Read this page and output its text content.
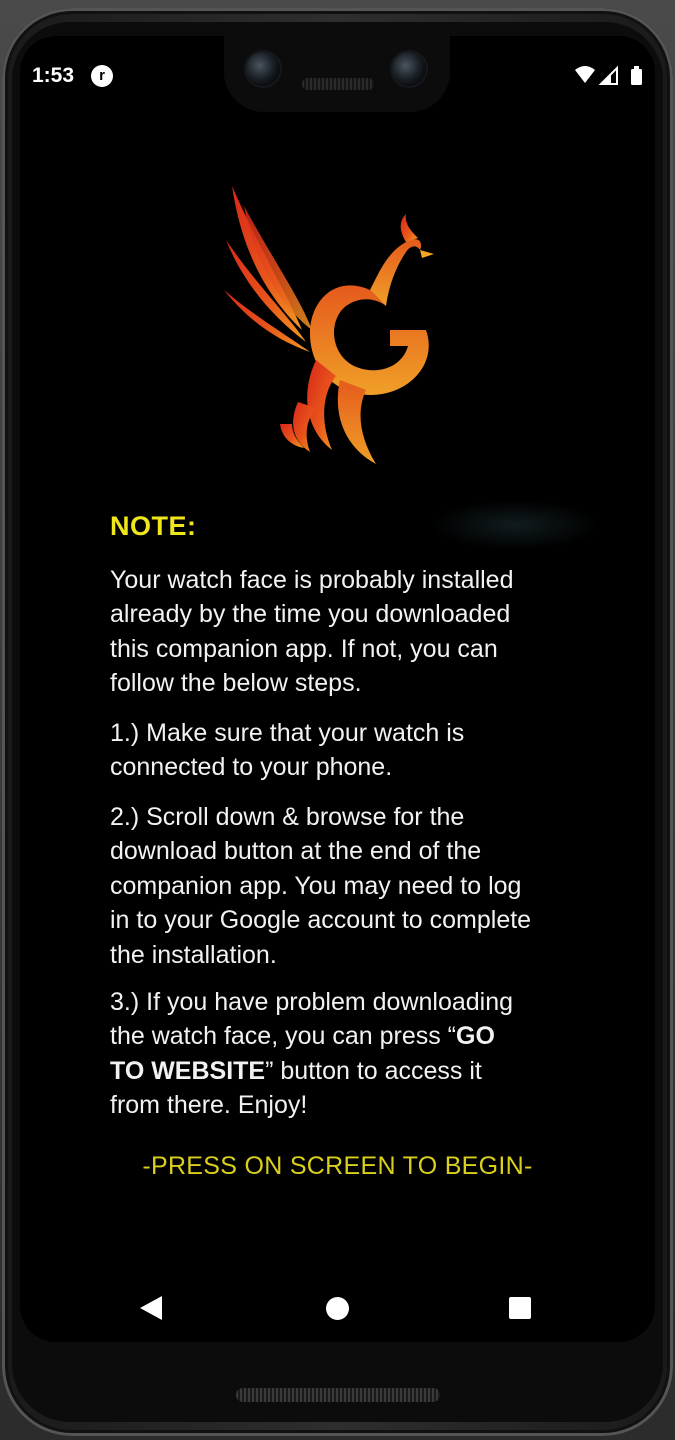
1:53	r
NOTE:

Your watch face is probably installed
already by the time you downloaded
this companion app. If not, you can
follow the below steps.

1.) Make sure that your watch is
connected to your phone.

2.) Scroll down & browse for the
download button at the end of the
companion app. You may need to log
in to your Google account to complete
the installation.

3.) If you have problem downloading
the watch face, you can press “GO
TO WEBSITE” button to access it
from there. Enjoy!

-PRESS ON SCREEN TO BEGIN-
